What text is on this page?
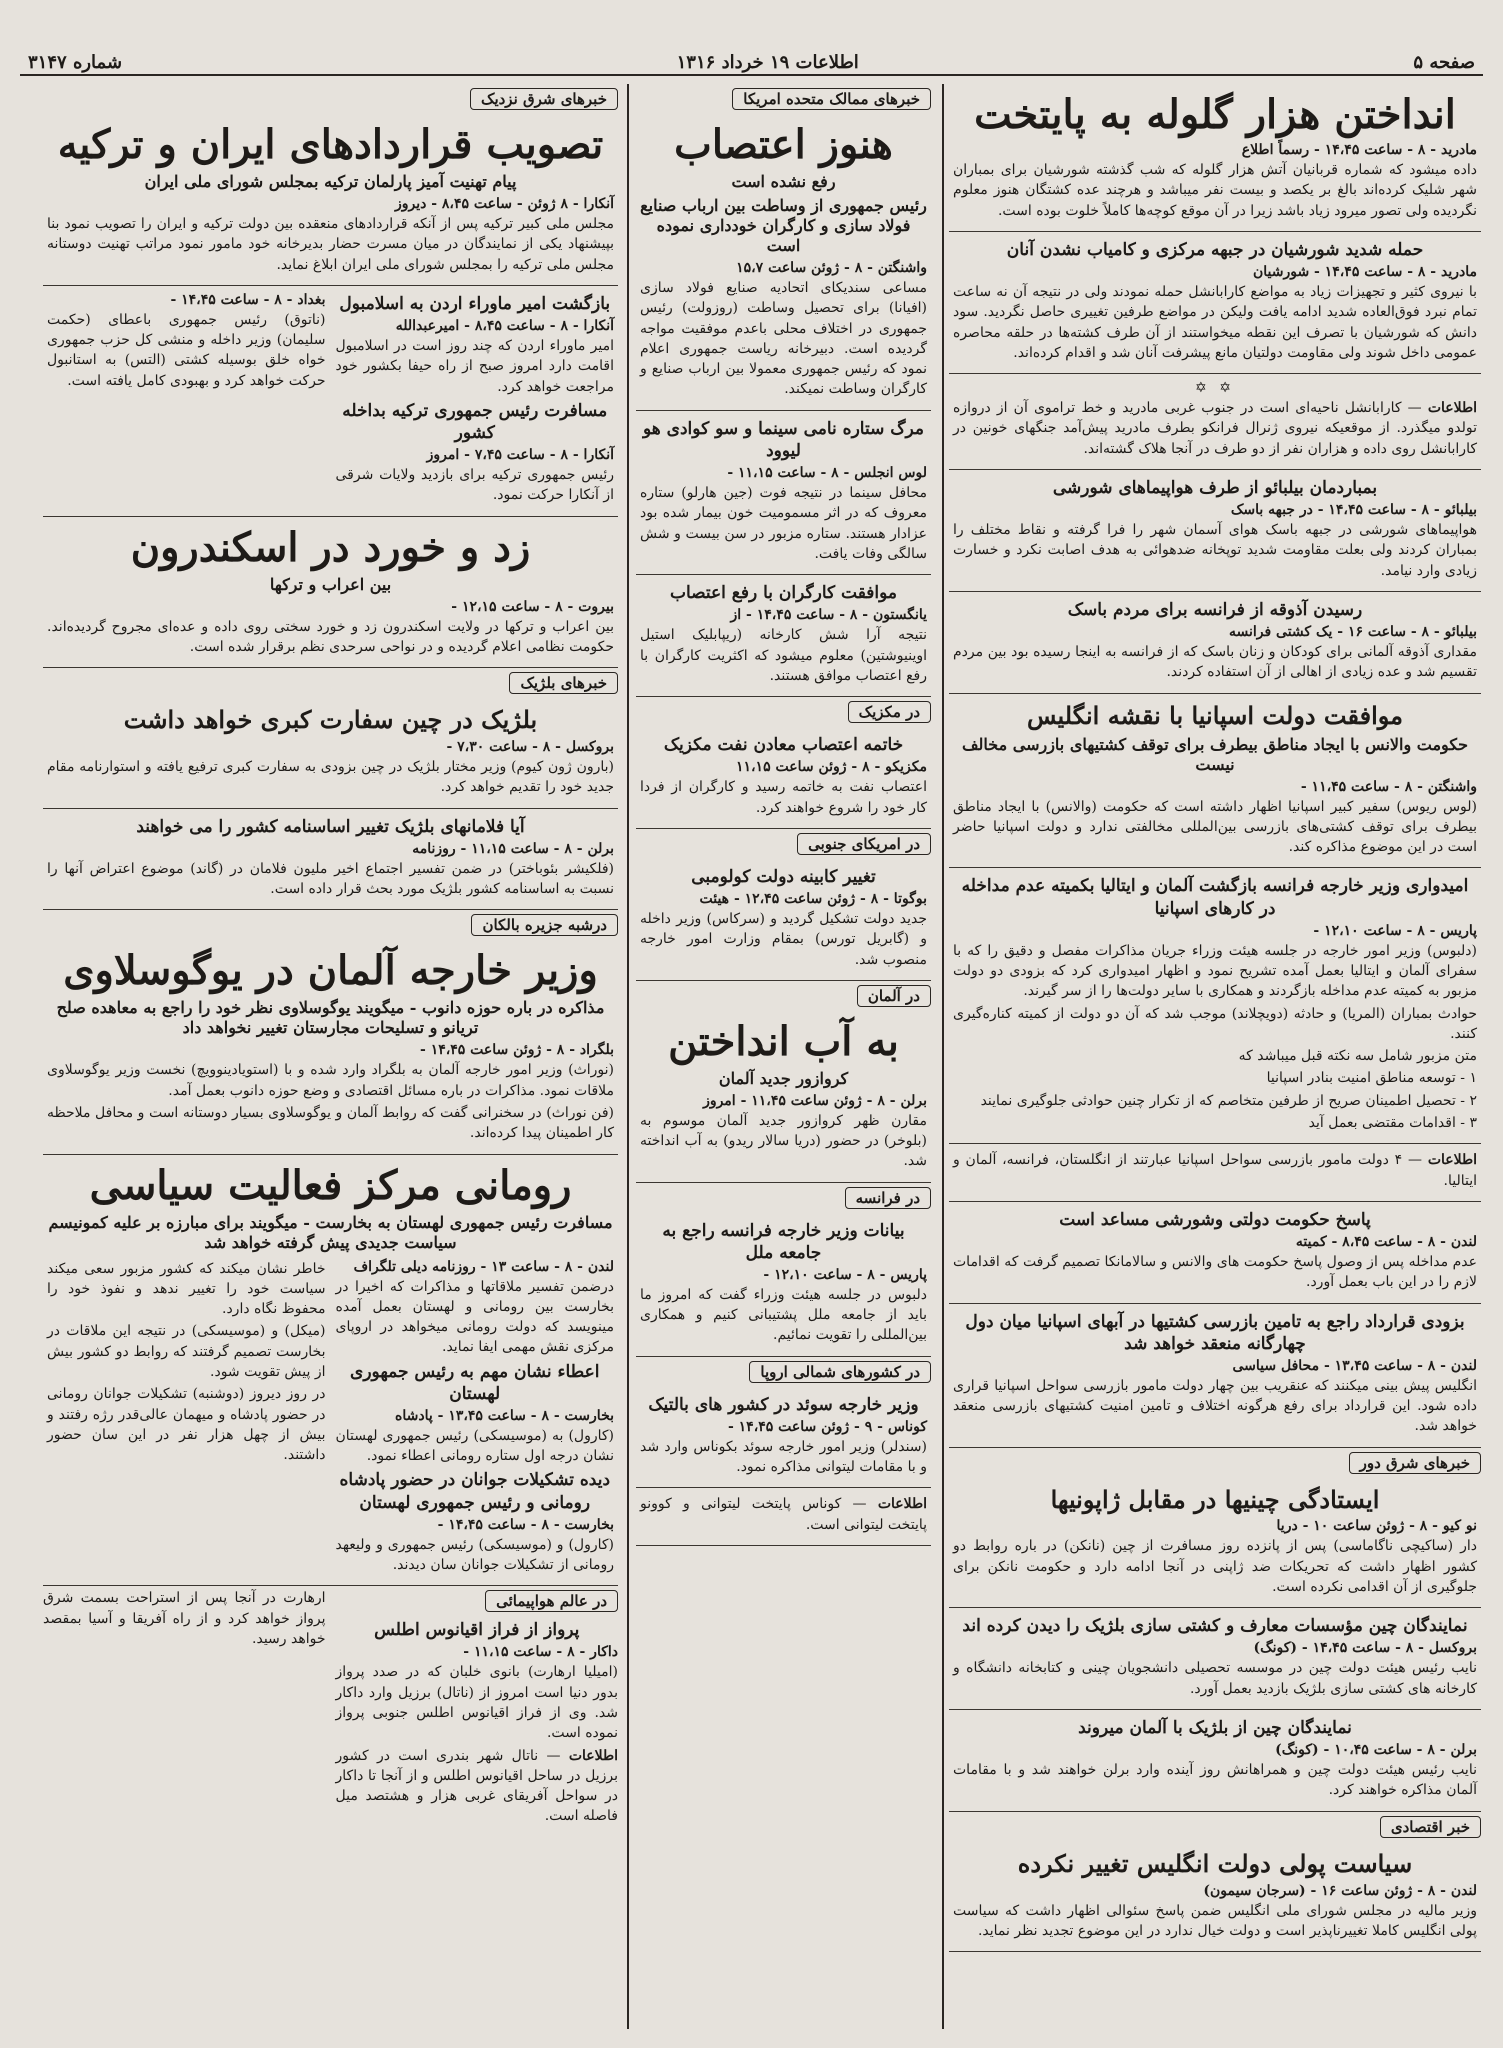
صفحه ۵
اطلاعات ۱۹ خرداد ۱۳۱۶
شماره ۳۱۴۷
انداختن هزار گلوله به پایتخت
مادرید - ۸ - ساعت ۱۴،۴۵ - رسماً اطلاع
داده میشود که شماره قربانیان آتش هزار گلوله که شب گذشته شورشیان برای بمباران شهر شلیک کرده‌اند بالغ بر یکصد و بیست نفر میباشد و هرچند عده کشتگان هنوز معلوم نگردیده ولی تصور میرود زیاد باشد زیرا در آن موقع کوچه‌ها کاملاً خلوت بوده است.
حمله شدید شورشیان در جبهه مرکزی و کامیاب نشدن آنان
مادرید - ۸ - ساعت ۱۴،۴۵ - شورشیان
با نیروی کثیر و تجهیزات زیاد به مواضع کارابانشل حمله نمودند ولی در نتیجه آن نه ساعت تمام نبرد فوق‌العاده شدید ادامه یافت ولیکن در مواضع طرفین تغییری حاصل نگردید. سود دانش که شورشیان با تصرف این نقطه میخواستند از آن طرف کشته‌ها در حلقه محاصره عمومی داخل شوند ولی مقاومت دولتیان مانع پیشرفت آنان شد و اقدام کرده‌اند.
✡ ✡
اطلاعات — کارابانشل ناحیه‌ای است در جنوب غربی مادرید و خط تراموی آن از دروازه تولدو میگذرد. از موقعیکه نیروی ژنرال فرانکو بطرف مادرید پیش‌آمد جنگهای خونین در کارابانشل روی داده و هزاران نفر از دو طرف در آنجا هلاک گشته‌اند.
بمباردمان بیلبائو از طرف هواپیماهای شورشی
بیلبائو - ۸ - ساعت ۱۴،۴۵ - در جبهه باسک
هواپیماهای شورشی در جبهه باسک هوای آسمان شهر را فرا گرفته و نقاط مختلف را بمباران کردند ولی بعلت مقاومت شدید توپخانه ضدهوائی به هدف اصابت نکرد و خسارت زیادی وارد نیامد.
رسیدن آذوقه از فرانسه برای مردم باسک
بیلبائو - ۸ - ساعت ۱۶ - یک کشتی فرانسه
مقداری آذوقه آلمانی برای کودکان و زنان باسک که از فرانسه به اینجا رسیده بود بین مردم تقسیم شد و عده زیادی از اهالی از آن استفاده کردند.
موافقت دولت اسپانیا با نقشه انگلیس
حکومت والانس با ایجاد مناطق بیطرف برای توقف کشتیهای بازرسی مخالف نیست
واشنگتن - ۸ - ساعت ۱۱،۴۵ -
(لوس ریوس) سفیر کبیر اسپانیا اظهار داشته است که حکومت (والانس) با ایجاد مناطق بیطرف برای توقف کشتی‌های بازرسی بین‌المللی مخالفتی ندارد و دولت اسپانیا حاضر است در این موضوع مذاکره کند.
امیدواری وزیر خارجه فرانسه بازگشت آلمان و ایتالیا بکمیته عدم مداخله در کارهای اسپانیا
پاریس - ۸ - ساعت ۱۲،۱۰ -
(دلبوس) وزیر امور خارجه در جلسه هیئت وزراء جریان مذاکرات مفصل و دقیق را که با سفرای آلمان و ایتالیا بعمل آمده تشریح نمود و اظهار امیدواری کرد که بزودی دو دولت مزبور به کمیته عدم مداخله بازگردند و همکاری با سایر دولت‌ها را از سر گیرند.
حوادث بمباران (المریا) و حادثه (دویچلاند) موجب شد که آن دو دولت از کمیته کناره‌گیری کنند.
متن مزبور شامل سه نکته قبل میباشد که
۱ - توسعه مناطق امنیت بنادر اسپانیا
۲ - تحصیل اطمینان صریح از طرفین متخاصم که از تکرار چنین حوادثی جلوگیری نمایند
۳ - اقدامات مقتضی بعمل آید
اطلاعات — ۴ دولت مامور بازرسی سواحل اسپانیا عبارتند از انگلستان، فرانسه، آلمان و ایتالیا.
پاسخ حکومت دولتی وشورشی مساعد است
لندن - ۸ - ساعت ۸،۴۵ - کمیته
عدم مداخله پس از وصول پاسخ حکومت های والانس و سالامانکا تصمیم گرفت که اقدامات لازم را در این باب بعمل آورد.
بزودی قرارداد راجع به تامین بازرسی کشتیها در آبهای اسپانیا میان دول چهارگانه منعقد خواهد شد
لندن - ۸ - ساعت ۱۳،۴۵ - محافل سیاسی
انگلیس پیش بینی میکنند که عنقریب بین چهار دولت مامور بازرسی سواحل اسپانیا قراری داده شود. این قرارداد برای رفع هرگونه اختلاف و تامین امنیت کشتیهای بازرسی منعقد خواهد شد.
خبرهای شرق دور
ایستادگی چینیها در مقابل ژاپونیها
نو کیو - ۸ - ژوئن ساعت ۱۰ - دریا
دار (ساکیچی ناگاماسی) پس از پانزده روز مسافرت از چین (نانکن) در باره روابط دو کشور اظهار داشت که تحریکات ضد ژاپنی در آنجا ادامه دارد و حکومت نانکن برای جلوگیری از آن اقدامی نکرده است.
نمایندگان چین مؤسسات معارف و کشتی سازی بلژیک را دیدن کرده اند
بروکسل - ۸ - ساعت ۱۴،۴۵ - (کونگ)
نایب رئیس هیئت دولت چین در موسسه تحصیلی دانشجویان چینی و کتابخانه دانشگاه و کارخانه های کشتی سازی بلژیک بازدید بعمل آورد.
نمایندگان چین از بلژیک با آلمان میروند
برلن - ۸ - ساعت ۱۰،۴۵ - (کونگ)
نایب رئیس هیئت دولت چین و همراهانش روز آینده وارد برلن خواهند شد و با مقامات آلمان مذاکره خواهند کرد.
خبر اقتصادی
سیاست پولی دولت انگلیس تغییر نکرده
لندن - ۸ - ژوئن ساعت ۱۶ - (سرجان سیمون)
وزیر مالیه در مجلس شورای ملی انگلیس ضمن پاسخ سئوالی اظهار داشت که سیاست پولی انگلیس کاملا تغییرناپذیر است و دولت خیال ندارد در این موضوع تجدید نظر نماید.
خبرهای ممالک متحده امریکا
هنوز اعتصاب
رفع نشده است
رئیس جمهوری از وساطت بین ارباب صنایع فولاد سازی و کارگران خودداری نموده است
واشنگتن - ۸ - ژوئن ساعت ۱۵،۷
مساعی سندیکای اتحادیه صنایع فولاد سازی (افیانا) برای تحصیل وساطت (روزولت) رئیس جمهوری در اختلاف محلی باعدم موفقیت مواجه گردیده است. دبیرخانه ریاست جمهوری اعلام نمود که رئیس جمهوری معمولا بین ارباب صنایع و کارگران وساطت نمیکند.
مرگ ستاره نامی سینما و سو کوادی هو لیوود
لوس انجلس - ۸ - ساعت ۱۱،۱۵ -
محافل سینما در نتیجه فوت (جین هارلو) ستاره معروف که در اثر مسمومیت خون بیمار شده بود عزادار هستند. ستاره مزبور در سن بیست و شش سالگی وفات یافت.
موافقت کارگران با رفع اعتصاب
یانگستون - ۸ - ساعت ۱۴،۴۵ - از
نتیجه آرا شش کارخانه (ریپابلیک استیل اوینیوشتین) معلوم میشود که اکثریت کارگران با رفع اعتصاب موافق هستند.
در مکزیک
خاتمه اعتصاب معادن نفت مکزیک
مکزیکو - ۸ - ژوئن ساعت ۱۱،۱۵
اعتصاب نفت به خاتمه رسید و کارگران از فردا کار خود را شروع خواهند کرد.
در امریکای جنوبی
تغییر کابینه دولت کولومبی
بوگوتا - ۸ - ژوئن ساعت ۱۲،۴۵ - هیئت
جدید دولت تشکیل گردید و (سرکاس) وزیر داخله و (گابریل تورس) بمقام وزارت امور خارجه منصوب شد.
در آلمان
به آب انداختن
کروازور جدید آلمان
برلن - ۸ - ژوئن ساعت ۱۱،۴۵ - امروز
مقارن ظهر کروازور جدید آلمان موسوم به (بلوخر) در حضور (دریا سالار ریدو) به آب انداخته شد.
در فرانسه
بیانات وزیر خارجه فرانسه راجع به جامعه ملل
پاریس - ۸ - ساعت ۱۲،۱۰ -
دلبوس در جلسه هیئت وزراء گفت که امروز ما باید از جامعه ملل پشتیبانی کنیم و همکاری بین‌المللی را تقویت نمائیم.
در کشورهای شمالی اروپا
وزیر خارجه سوئد در کشور های بالتیک
کوناس - ۹ - ژوئن ساعت ۱۴،۴۵ -
(سندلر) وزیر امور خارجه سوئد بکوناس وارد شد و با مقامات لیتوانی مذاکره نمود.
اطلاعات — کوناس پایتخت لیتوانی و کوونو پایتخت لیتوانی است.
خبرهای شرق نزدیک
تصویب قراردادهای ایران و ترکیه
پیام تهنیت آمیز پارلمان ترکیه بمجلس شورای ملی ایران
آنکارا - ۸ ژوئن - ساعت ۸،۴۵ - دیروز
مجلس ملی کبیر ترکیه پس از آنکه قراردادهای منعقده بین دولت ترکیه و ایران را تصویب نمود بنا بپیشنهاد یکی از نمایندگان در میان مسرت حضار بدیرخانه خود مامور نمود مراتب تهنیت دوستانه مجلس ملی ترکیه را بمجلس شورای ملی ایران ابلاغ نماید.
بازگشت امیر ماوراء اردن به اسلامبول
آنکارا - ۸ - ساعت ۸،۴۵ - امیرعبدالله
امیر ماوراء اردن که چند روز است در اسلامبول اقامت دارد امروز صبح از راه حیفا بکشور خود مراجعت خواهد کرد.
مسافرت رئیس جمهوری ترکیه بداخله کشور
آنکارا - ۸ - ساعت ۷،۴۵ - امروز
رئیس جمهوری ترکیه برای بازدید ولایات شرقی از آنکارا حرکت نمود.
بغداد - ۸ - ساعت ۱۴،۴۵ -
(ناتوق) رئیس جمهوری باعطای (حکمت سلیمان) وزیر داخله و منشی کل حزب جمهوری خواه خلق بوسیله کشتی (التس) به استانبول حرکت خواهد کرد و بهبودی کامل یافته است.
زد و خورد در اسکندرون
بین اعراب و ترکها
بیروت - ۸ - ساعت ۱۲،۱۵ -
بین اعراب و ترکها در ولایت اسکندرون زد و خورد سختی روی داده و عده‌ای مجروح گردیده‌اند. حکومت نظامی اعلام گردیده و در نواحی سرحدی نظم برقرار شده است.
خبرهای بلژیک
بلژیک در چین سفارت کبری خواهد داشت
بروکسل - ۸ - ساعت ۷،۳۰ -
(بارون ژون کیوم) وزیر مختار بلژیک در چین بزودی به سفارت کبری ترفیع یافته و استوارنامه مقام جدید خود را تقدیم خواهد کرد.
آیا فلامانهای بلژیک تغییر اساسنامه کشور را می خواهند
برلن - ۸ - ساعت ۱۱،۱۵ - روزنامه
(فلکیشر بئوباختر) در ضمن تفسیر اجتماع اخیر ملیون فلامان در (گاند) موضوع اعتراض آنها را نسبت به اساسنامه کشور بلژیک مورد بحث قرار داده است.
درشبه جزیره بالکان
وزیر خارجه آلمان در یوگوسلاوی
مذاکره در باره حوزه دانوب - میگویند یوگوسلاوی نظر خود را راجع به معاهده صلح تریانو و تسلیحات مجارستان تغییر نخواهد داد
بلگراد - ۸ - ژوئن ساعت ۱۴،۴۵ -
(نوراث) وزیر امور خارجه آلمان به بلگراد وارد شده و با (استویادینوویچ) نخست وزیر یوگوسلاوی ملاقات نمود. مذاکرات در باره مسائل اقتصادی و وضع حوزه دانوب بعمل آمد.
(فن نوراث) در سخنرانی گفت که روابط آلمان و یوگوسلاوی بسیار دوستانه است و محافل ملاحظه کار اطمینان پیدا کرده‌اند.
رومانی مرکز فعالیت سیاسی
مسافرت رئیس جمهوری لهستان به بخارست - میگویند برای مبارزه بر علیه کمونیسم سیاست جدیدی پیش گرفته خواهد شد
لندن - ۸ - ساعت ۱۳ - روزنامه دیلی تلگراف
درضمن تفسیر ملاقاتها و مذاکرات که اخیرا در بخارست بین رومانی و لهستان بعمل آمده مینویسد که دولت رومانی میخواهد در اروپای مرکزی نقش مهمی ایفا نماید.
اعطاء نشان مهم به رئیس جمهوری لهستان
بخارست - ۸ - ساعت ۱۳،۴۵ - پادشاه
(کارول) به (موسیسکی) رئیس جمهوری لهستان نشان درجه اول ستاره رومانی اعطاء نمود.
دیده تشکیلات جوانان در حضور پادشاه رومانی و رئیس جمهوری لهستان
بخارست - ۸ - ساعت ۱۴،۴۵ -
(کارول) و (موسیسکی) رئیس جمهوری و ولیعهد رومانی از تشکیلات جوانان سان دیدند.
خاطر نشان میکند که کشور مزبور سعی میکند سیاست خود را تغییر ندهد و نفوذ خود را محفوظ نگاه دارد.
(میکل) و (موسیسکی) در نتیجه این ملاقات در بخارست تصمیم گرفتند که روابط دو کشور بیش از پیش تقویت شود.
در روز دیروز (دوشنبه) تشکیلات جوانان رومانی در حضور پادشاه و میهمان عالی‌قدر رژه رفتند و بیش از چهل هزار نفر در این سان حضور داشتند.
در عالم هواپیمائی
پرواز از فراز اقیانوس اطلس
داکار - ۸ - ساعت ۱۱،۱۵ -
(امیلیا ارهارت) بانوی خلبان که در صدد پرواز بدور دنیا است امروز از (ناتال) برزیل وارد داکار شد. وی از فراز اقیانوس اطلس جنوبی پرواز نموده است.
اطلاعات — ناتال شهر بندری است در کشور برزیل در ساحل اقیانوس اطلس و از آنجا تا داکار در سواحل آفریقای غربی هزار و هشتصد میل فاصله است.
ارهارت در آنجا پس از استراحت بسمت شرق پرواز خواهد کرد و از راه آفریقا و آسیا بمقصد خواهد رسید.
